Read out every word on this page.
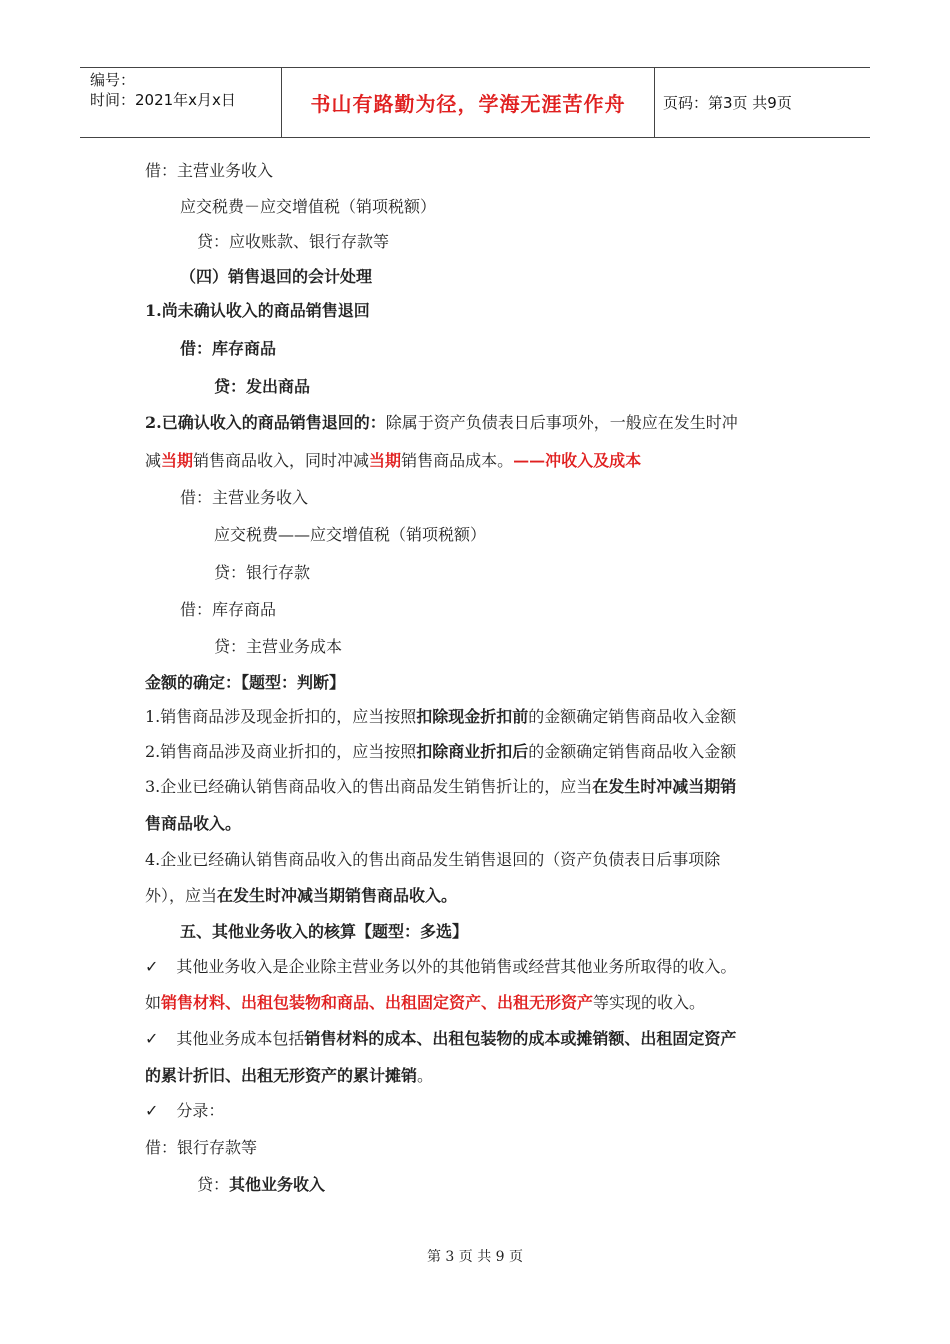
编号：
时间：2021年x月x日	书山有路勤为径，学海无涯苦作舟	页码：第3页 共9页
借：主营业务收入
应交税费－应交增值税（销项税额）
贷：应收账款、银行存款等
（四）销售退回的会计处理
1.尚未确认收入的商品销售退回
借：库存商品
贷：发出商品
2.已确认收入的商品销售退回的：除属于资产负债表日后事项外，一般应在发生时冲
减当期销售商品收入，同时冲减当期销售商品成本。——冲收入及成本
借：主营业务收入
应交税费——应交增值税（销项税额）
贷：银行存款
借：库存商品
贷：主营业务成本
金额的确定：【题型：判断】
1.销售商品涉及现金折扣的，应当按照扣除现金折扣前的金额确定销售商品收入金额
2.销售商品涉及商业折扣的，应当按照扣除商业折扣后的金额确定销售商品收入金额
3.企业已经确认销售商品收入的售出商品发生销售折让的，应当在发生时冲减当期销
售商品收入。
4.企业已经确认销售商品收入的售出商品发生销售退回的（资产负债表日后事项除
外），应当在发生时冲减当期销售商品收入。
五、其他业务收入的核算【题型：多选】
✓ 其他业务收入是企业除主营业务以外的其他销售或经营其他业务所取得的收入。
如销售材料、出租包装物和商品、出租固定资产、出租无形资产等实现的收入。
✓ 其他业务成本包括销售材料的成本、出租包装物的成本或摊销额、出租固定资产
的累计折旧、出租无形资产的累计摊销。
✓ 分录：
借：银行存款等
贷：其他业务收入
第 3 页 共 9 页
